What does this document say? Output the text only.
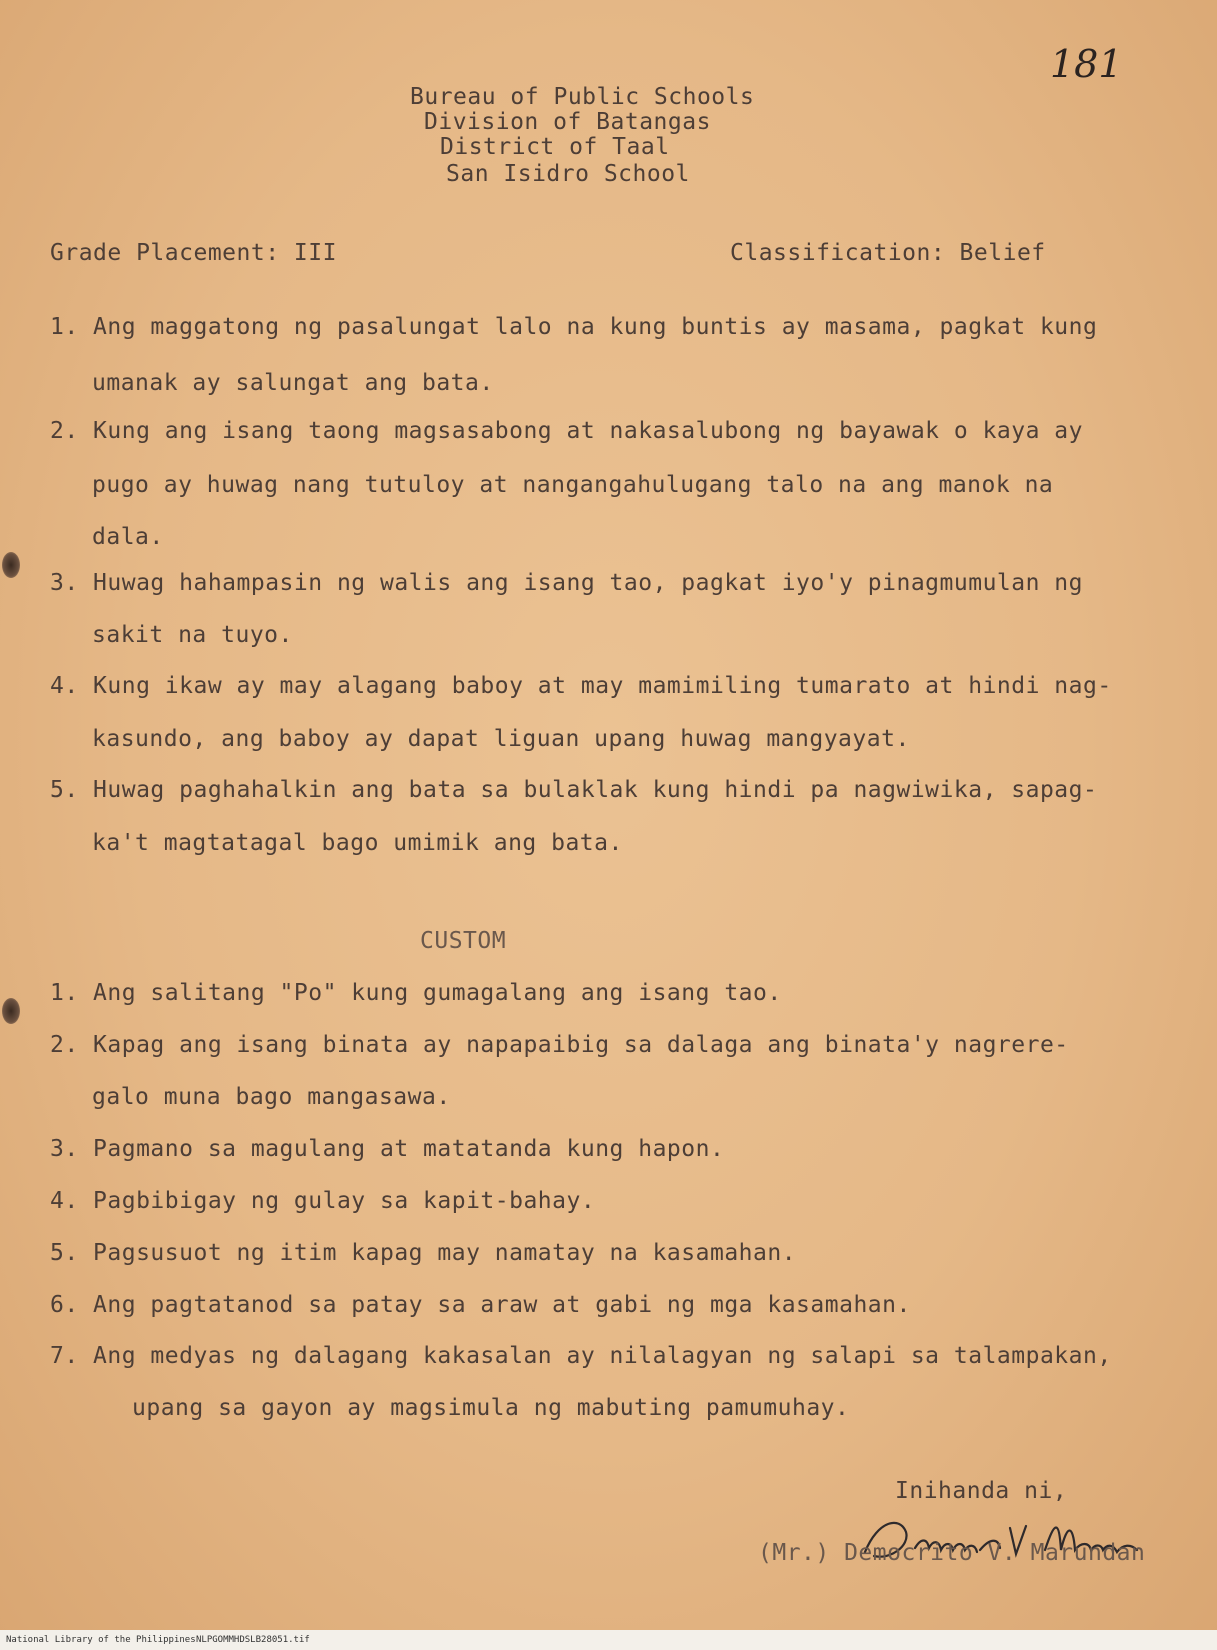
181
Bureau of Public Schools
Division of Batangas
District of Taal
San Isidro School
Grade Placement: III	Classification: Belief
1. Ang maggatong ng pasalungat lalo na kung buntis ay masama, pagkat kung
umanak ay salungat ang bata.
2. Kung ang isang taong magsasabong at nakasalubong ng bayawak o kaya ay
pugo ay huwag nang tutuloy at nangangahulugang talo na ang manok na
dala.
3. Huwag hahampasin ng walis ang isang tao, pagkat iyo'y pinagmumulan ng
sakit na tuyo.
4. Kung ikaw ay may alagang baboy at may mamimiling tumarato at hindi nag-
kasundo, ang baboy ay dapat liguan upang huwag mangyayat.
5. Huwag paghahalkin ang bata sa bulaklak kung hindi pa nagwiwika, sapag-
ka't magtatagal bago umimik ang bata.
CUSTOM
1. Ang salitang "Po" kung gumagalang ang isang tao.
2. Kapag ang isang binata ay napapaibig sa dalaga ang binata'y nagrere-
galo muna bago mangasawa.
3. Pagmano sa magulang at matatanda kung hapon.
4. Pagbibigay ng gulay sa kapit-bahay.
5. Pagsusuot ng itim kapag may namatay na kasamahan.
6. Ang pagtatanod sa patay sa araw at gabi ng mga kasamahan.
7. Ang medyas ng dalagang kakasalan ay nilalagyan ng salapi sa talampakan,
upang sa gayon ay magsimula ng mabuting pamumuhay.
Inihanda ni,
Democrito V. Marundan
(Mr.) Democrito V. Marundan
National Library of the Philippines NLPGOMMHDSLB28051.tif
